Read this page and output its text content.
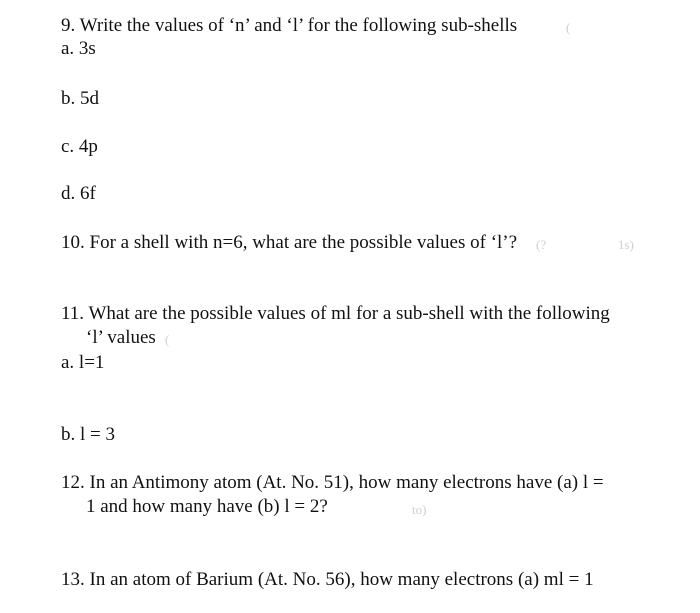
9. Write the values of ‘n’ and ‘l’ for the following sub-shells	(
a. 3s
b. 5d
c. 4p
d. 6f
10. For a shell with n=6, what are the possible values of ‘l’? (?	1s)
11. What are the possible values of ml for a sub-shell with the following
‘l’ values (
a. l=1
b. l = 3
12. In an Antimony atom (At. No. 51), how many electrons have (a) l =
1 and how many have (b) l = 2?	to)
13. In an atom of Barium (At. No. 56), how many electrons (a) ml = 1
